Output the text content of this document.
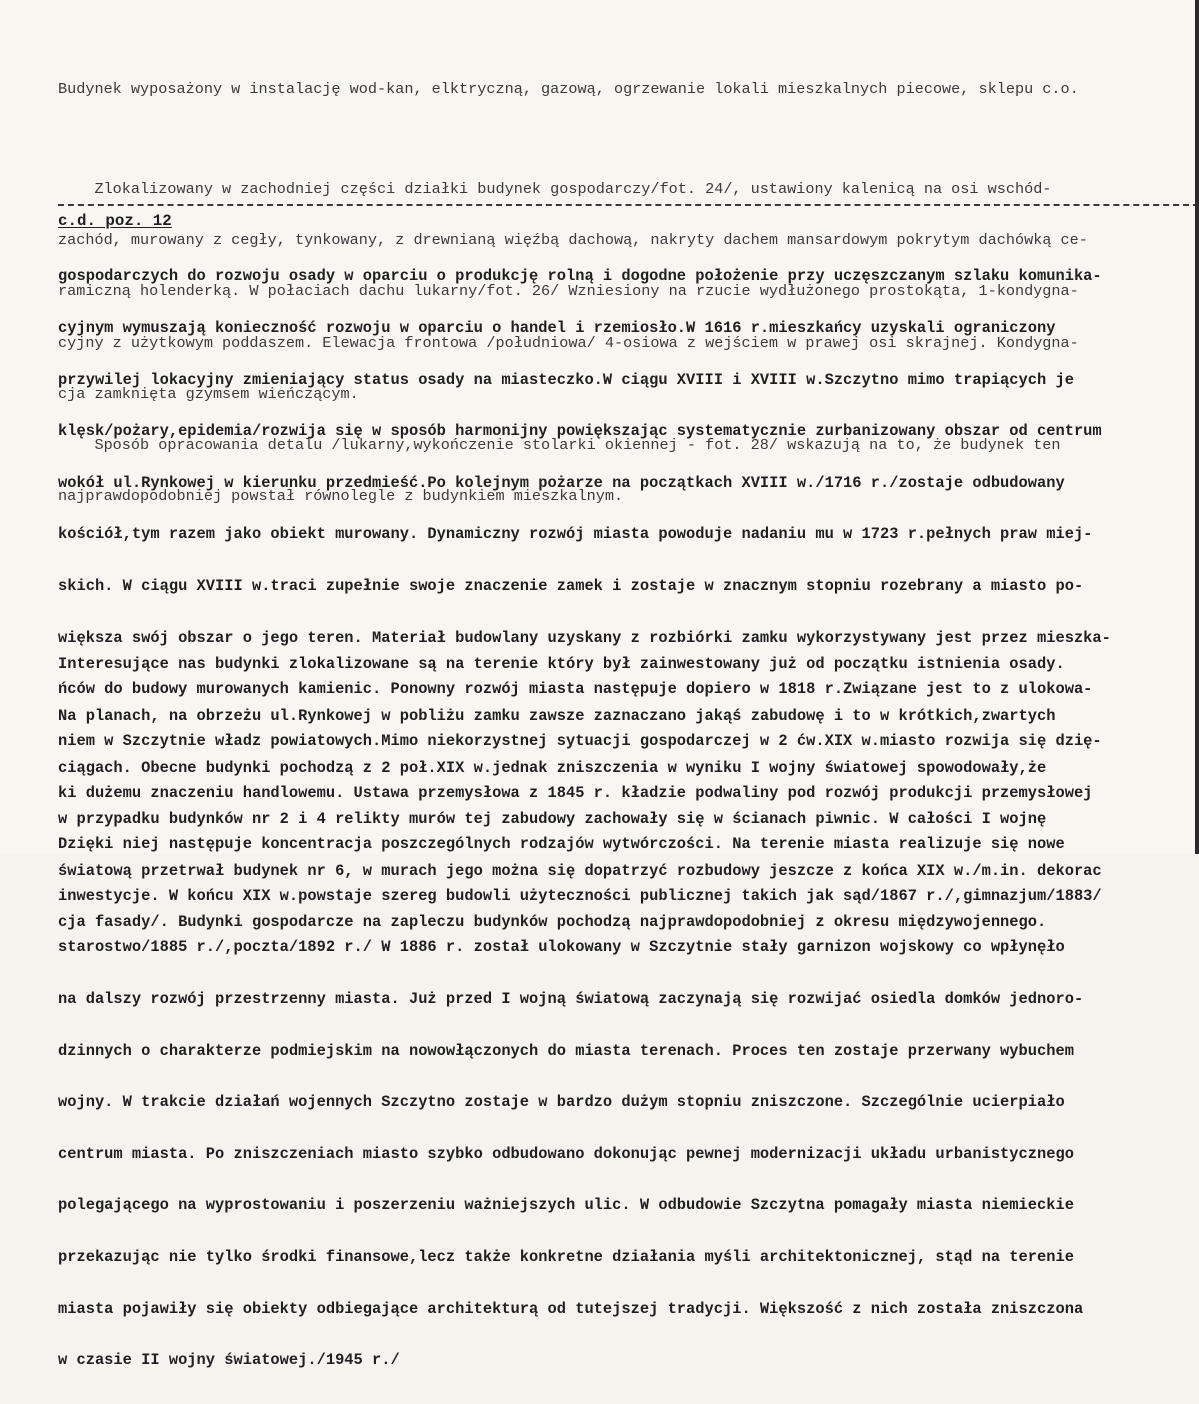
Budynek wyposażony w instalację wod-kan, elktryczną, gazową, ogrzewanie lokali mieszkalnych piecowe, sklepu c.o.

Zlokalizowany w zachodniej części działki budynek gospodarczy/fot. 24/, ustawiony kalenicą na osi wschód-

zachód, murowany z cegły, tynkowany, z drewnianą więźbą dachową, nakryty dachem mansardowym pokrytym dachówką ce-

ramiczną holenderką. W połaciach dachu lukarny/fot. 26/ Wzniesiony na rzucie wydłużonego prostokąta, 1-kondygna-

cyjny z użytkowym poddaszem. Elewacja frontowa /południowa/ 4-osiowa z wejściem w prawej osi skrajnej. Kondygna-

cja zamknięta gzymsem wieńczącym.

Sposób opracowania detalu /lukarny,wykończenie stolarki okiennej - fot. 28/ wskazują na to, że budynek ten

najprawdopodobniej powstał równolegle z budynkiem mieszkalnym.

c.d. poz. 12

gospodarczych do rozwoju osady w oparciu o produkcję rolną i dogodne położenie przy uczęszczanym szlaku komunika-

cyjnym wymuszają konieczność rozwoju w oparciu o handel i rzemiosło.W 1616 r.mieszkańcy uzyskali ograniczony

przywilej lokacyjny zmieniający status osady na miasteczko.W ciągu XVIII i XVIII w.Szczytno mimo trapiących je

klęsk/pożary,epidemia/rozwija się w sposób harmonijny powiększając systematycznie zurbanizowany obszar od centrum

wokół ul.Rynkowej w kierunku przedmieść.Po kolejnym pożarze na początkach XVIII w./1716 r./zostaje odbudowany

kościół,tym razem jako obiekt murowany. Dynamiczny rozwój miasta powoduje nadaniu mu w 1723 r.pełnych praw miej-

skich. W ciągu XVIII w.traci zupełnie swoje znaczenie zamek i zostaje w znacznym stopniu rozebrany a miasto po-

większa swój obszar o jego teren. Materiał budowlany uzyskany z rozbiórki zamku wykorzystywany jest przez mieszka-

ńców do budowy murowanych kamienic. Ponowny rozwój miasta następuje dopiero w 1818 r.Związane jest to z ulokowa-

niem w Szczytnie władz powiatowych.Mimo niekorzystnej sytuacji gospodarczej w 2 ćw.XIX w.miasto rozwija się dzię-

ki dużemu znaczeniu handlowemu. Ustawa przemysłowa z 1845 r. kładzie podwaliny pod rozwój produkcji przemysłowej

Dzięki niej następuje koncentracja poszczególnych rodzajów wytwórczości. Na terenie miasta realizuje się nowe

inwestycje. W końcu XIX w.powstaje szereg budowli użyteczności publicznej takich jak sąd/1867 r./,gimnazjum/1883/

starostwo/1885 r./,poczta/1892 r./ W 1886 r. został ulokowany w Szczytnie stały garnizon wojskowy co wpłynęło

na dalszy rozwój przestrzenny miasta. Już przed I wojną światową zaczynają się rozwijać osiedla domków jednoro-

dzinnych o charakterze podmiejskim na nowowłączonych do miasta terenach. Proces ten zostaje przerwany wybuchem

wojny. W trakcie działań wojennych Szczytno zostaje w bardzo dużym stopniu zniszczone. Szczególnie ucierpiało

centrum miasta. Po zniszczeniach miasto szybko odbudowano dokonując pewnej modernizacji układu urbanistycznego

polegającego na wyprostowaniu i poszerzeniu ważniejszych ulic. W odbudowie Szczytna pomagały miasta niemieckie

przekazując nie tylko środki finansowe,lecz także konkretne działania myśli architektonicznej, stąd na terenie

miasta pojawiły się obiekty odbiegające architekturą od tutejszej tradycji. Większość z nich została zniszczona

w czasie II wojny światowej./1945 r./

Interesujące nas budynki zlokalizowane są na terenie który był zainwestowany już od początku istnienia osady.

Na planach, na obrzeżu ul.Rynkowej w pobliżu zamku zawsze zaznaczano jakąś zabudowę i to w krótkich,zwartych

ciągach. Obecne budynki pochodzą z 2 poł.XIX w.jednak zniszczenia w wyniku I wojny światowej spowodowały,że

w przypadku budynków nr 2 i 4 relikty murów tej zabudowy zachowały się w ścianach piwnic. W całości I wojnę

światową przetrwał budynek nr 6, w murach jego można się dopatrzyć rozbudowy jeszcze z końca XIX w./m.in. dekorac

cja fasady/. Budynki gospodarcze na zapleczu budynków pochodzą najprawdopodobniej z okresu międzywojennego.
